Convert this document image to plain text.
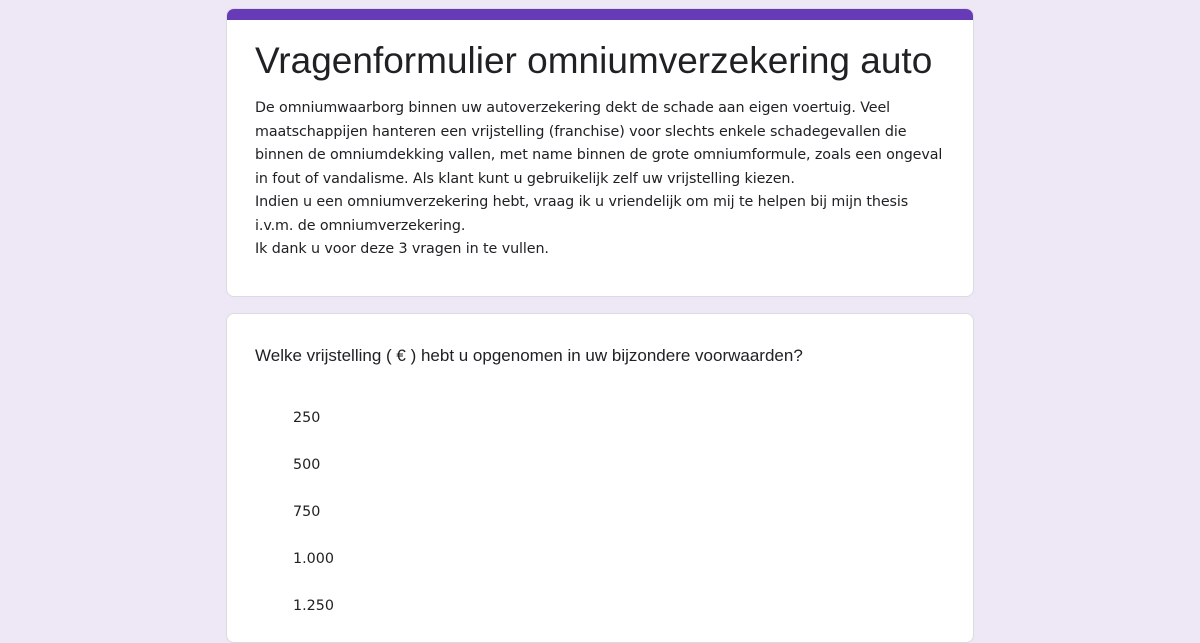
Vragenformulier omniumverzekering auto

De omniumwaarborg binnen uw autoverzekering dekt de schade aan eigen voertuig. Veel maatschappijen hanteren een vrijstelling (franchise) voor slechts enkele schadegevallen die binnen de omniumdekking vallen, met name binnen de grote omniumformule, zoals een ongeval in fout of vandalisme. Als klant kunt u gebruikelijk zelf uw vrijstelling kiezen.

Indien u een omniumverzekering hebt, vraag ik u vriendelijk om mij te helpen bij mijn thesis i.v.m. de omniumverzekering.

Ik dank u voor deze 3 vragen in te vullen.

Welke vrijstelling ( € ) hebt u opgenomen in uw bijzondere voorwaarden?
250
500
750
1.000
1.250
